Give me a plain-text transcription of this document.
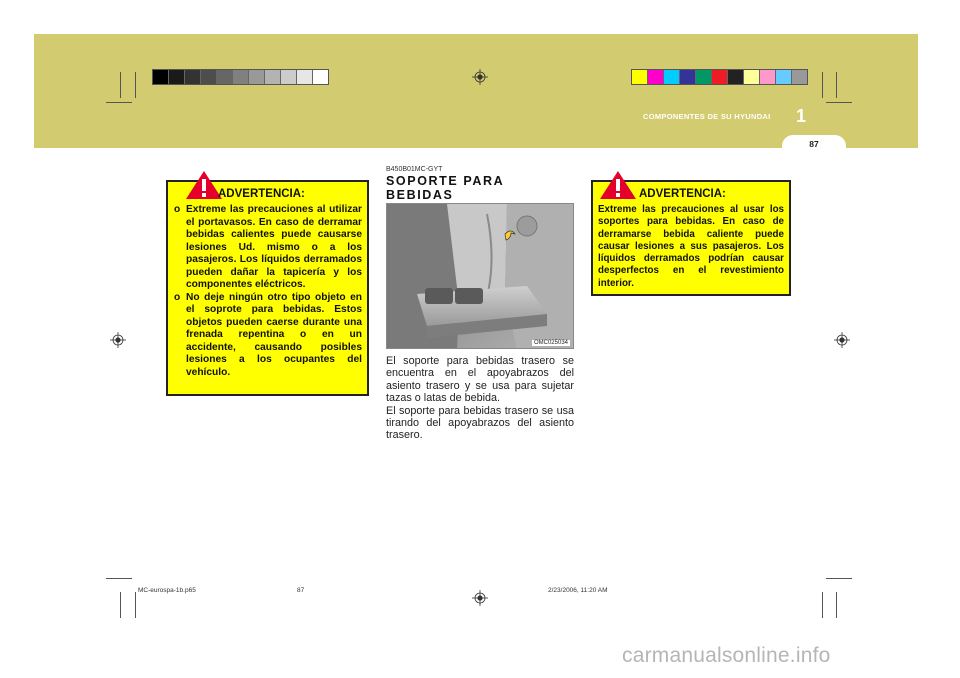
COMPONENTES DE SU HYUNDAI 1
87
ADVERTENCIA:
o Extreme las precauciones al utilizar el portavasos. En caso de derramar bebidas calientes puede causarse lesiones Ud. mismo o a los pasajeros. Los líquidos derramados pueden dañar la tapicería y los componentes eléctricos.
o No deje ningún otro tipo objeto en el soprote para bebidas. Estos objetos pueden caerse durante una frenada repentina o en un accidente, causando posibles lesiones a los ocupantes del vehículo.
B450B01MC-GYT
SOPORTE PARA BEBIDAS
OMC025034

El soporte para bebidas trasero se encuentra en el apoyabrazos del asiento trasero y se usa para sujetar tazas o latas de bebida.

El soporte para bebidas trasero se usa tirando del apoyabrazos del asiento trasero.

ADVERTENCIA:
Extreme las precauciones al usar los soportes para bebidas. En caso de derramarse bebida caliente puede causar lesiones a sus pasajeros. Los líquidos derramados podrían causar desperfectos en el revestimiento interior.
MC-eurospa-1b.p65	87	2/23/2006, 11:20 AM
carmanualsonline.info
